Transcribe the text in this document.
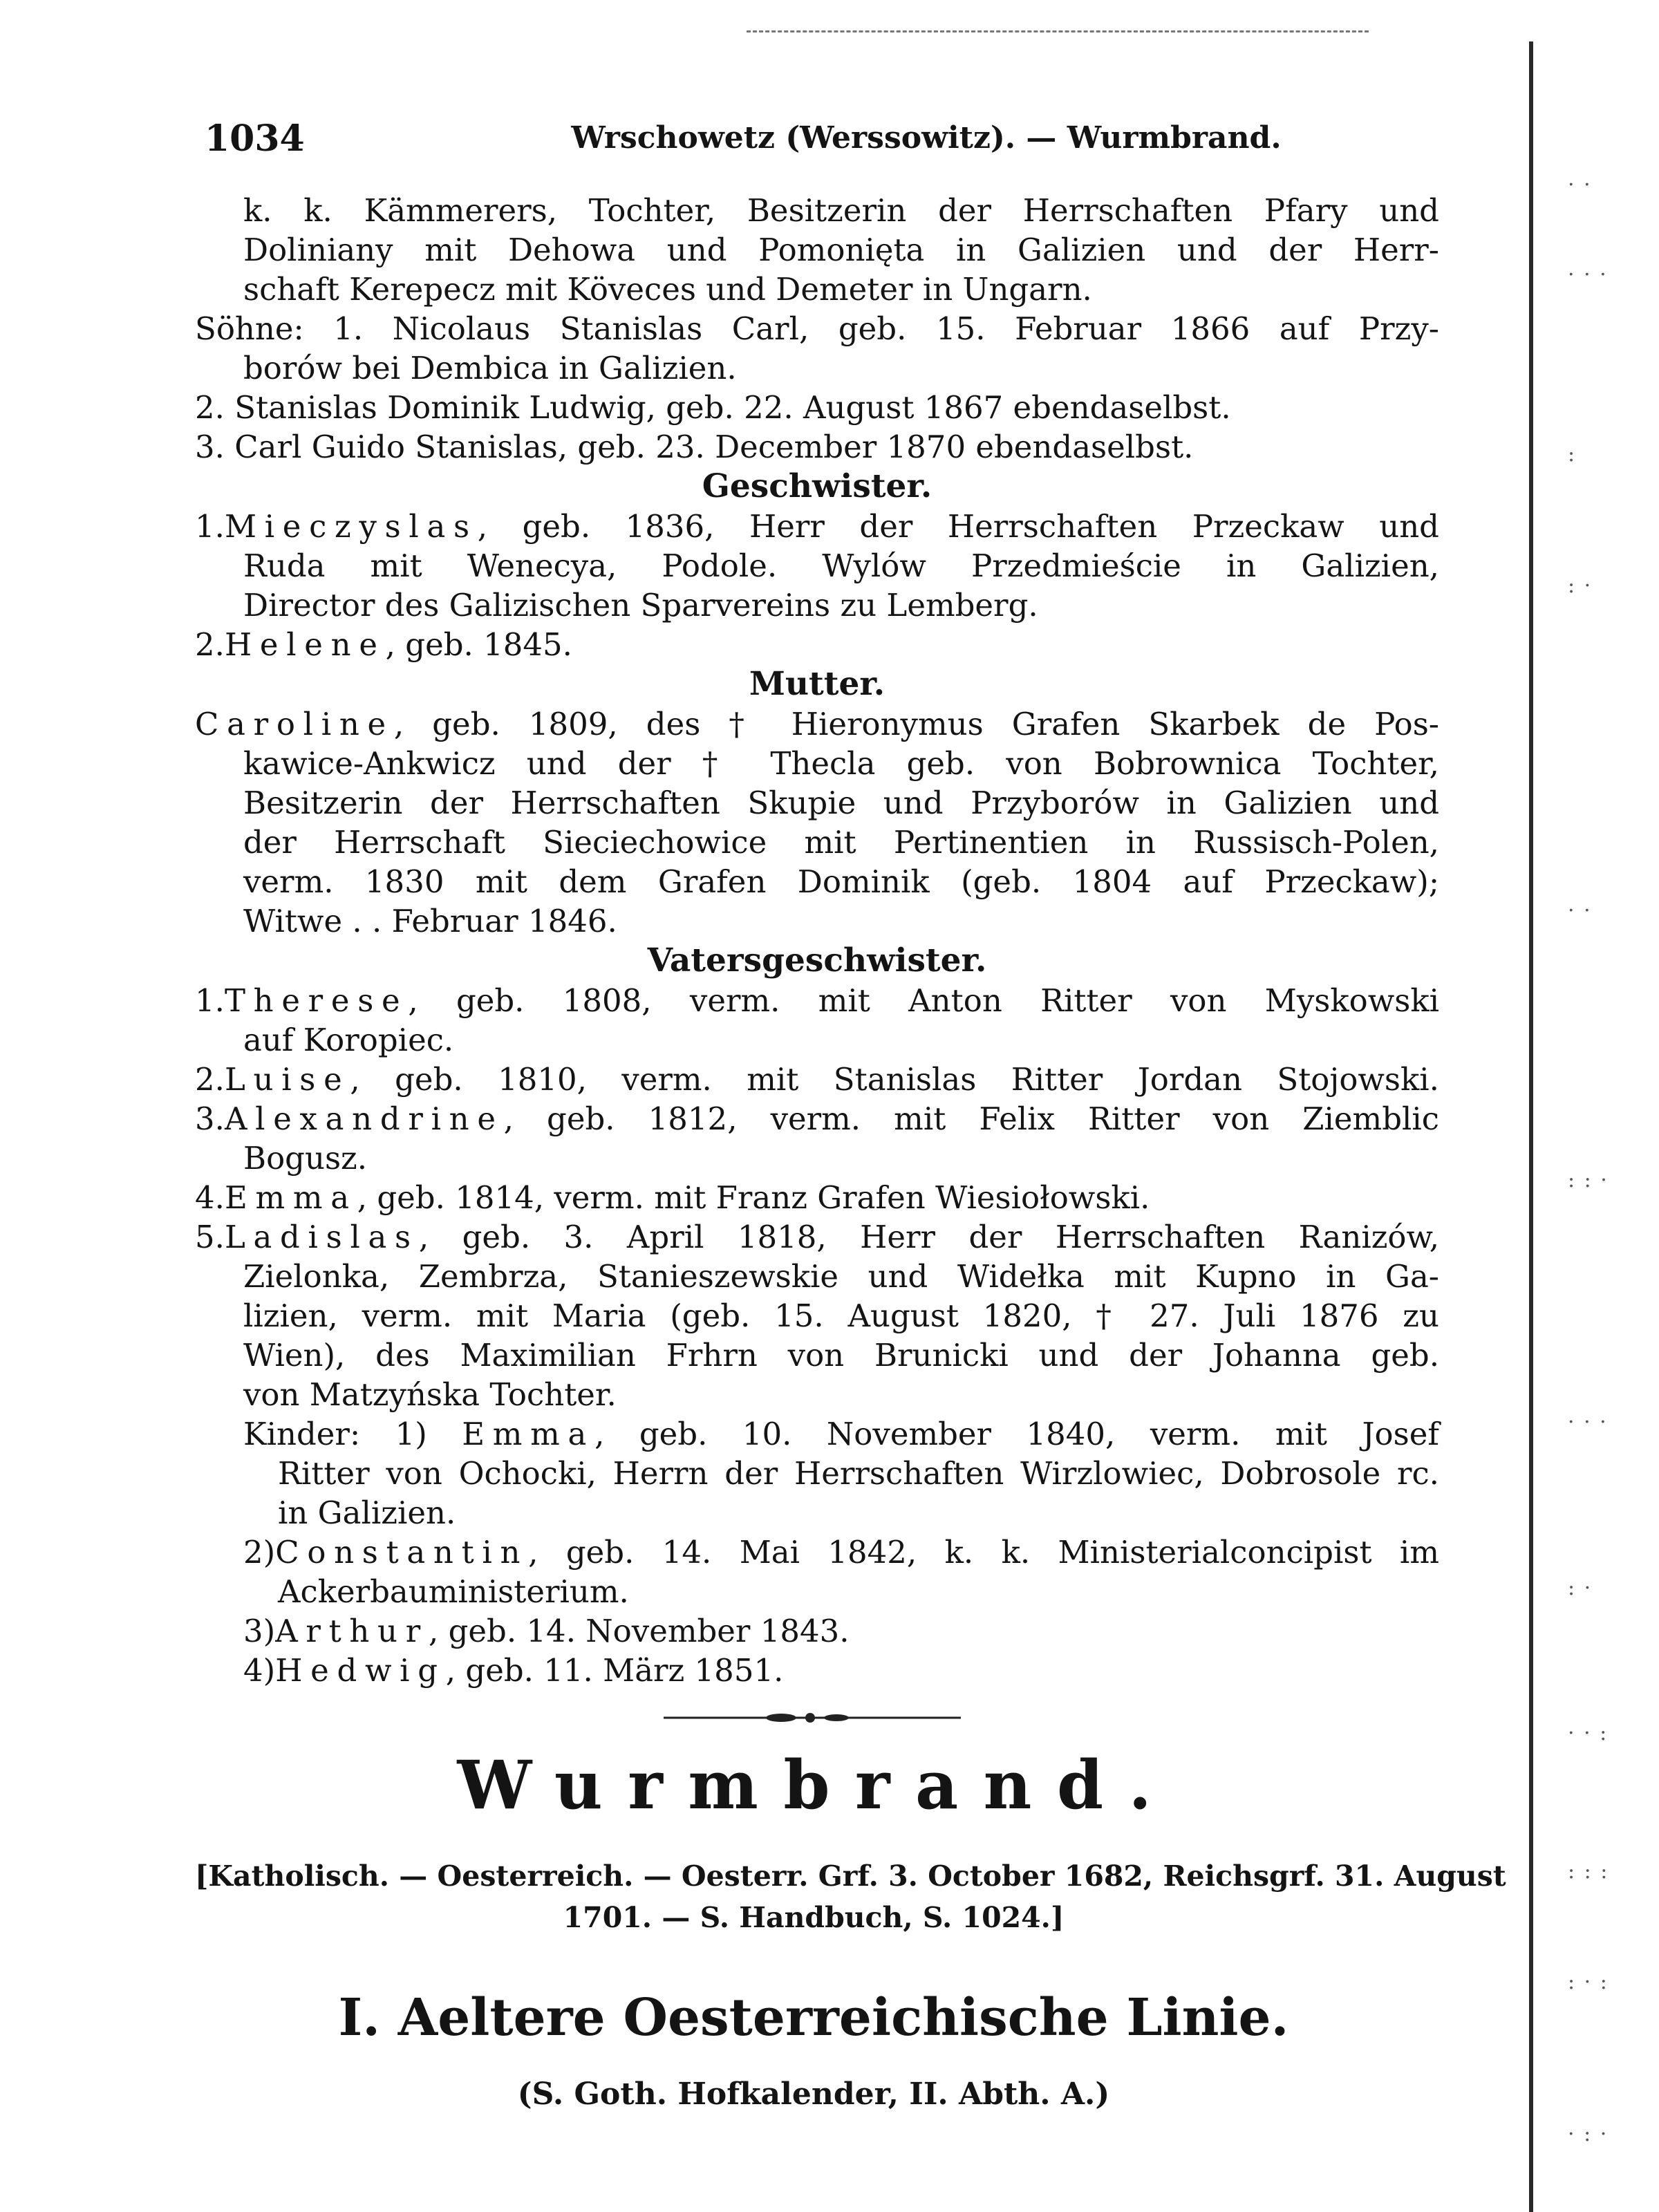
· ·
· · ·
:
: ·
· ·
: : ·
· · ·
: ·
· · :
: : :
: · :
· : ·
1034	Wrschowetz (Werssowitz). — Wurmbrand.

k. k. Kämmerers, Tochter, Besitzerin der Herrschaften Pfary und

Doliniany mit Dehowa und Pomonięta in Galizien und der Herr-

schaft Kerepecz mit Köveces und Demeter in Ungarn.

Söhne: 1. Nicolaus Stanislas Carl, geb. 15. Februar 1866 auf Przy-

borów bei Dembica in Galizien.

2. Stanislas Dominik Ludwig, geb. 22. August 1867 ebendaselbst.

3. Carl Guido Stanislas, geb. 23. December 1870 ebendaselbst.

Geschwister.

1.Mieczyslas, geb. 1836, Herr der Herrschaften Przeckaw und

Ruda mit Wenecya, Podole. Wylów Przedmieście in Galizien,

Director des Galizischen Sparvereins zu Lemberg.

2.Helene, geb. 1845.

Mutter.

Caroline, geb. 1809, des † Hieronymus Grafen Skarbek de Pos-

kawice-Ankwicz und der † Thecla geb. von Bobrownica Tochter,

Besitzerin der Herrschaften Skupie und Przyborów in Galizien und

der Herrschaft Sieciechowice mit Pertinentien in Russisch-Polen,

verm. 1830 mit dem Grafen Dominik (geb. 1804 auf Przeckaw);

Witwe . . Februar 1846.

Vatersgeschwister.

1.Therese, geb. 1808, verm. mit Anton Ritter von Myskowski

auf Koropiec.

2.Luise, geb. 1810, verm. mit Stanislas Ritter Jordan Stojowski.

3.Alexandrine, geb. 1812, verm. mit Felix Ritter von Ziemblic

Bogusz.

4.Emma, geb. 1814, verm. mit Franz Grafen Wiesiołowski.

5.Ladislas, geb. 3. April 1818, Herr der Herrschaften Ranizów,

Zielonka, Zembrza, Stanieszewskie und Widełka mit Kupno in Ga-

lizien, verm. mit Maria (geb. 15. August 1820, † 27. Juli 1876 zu

Wien), des Maximilian Frhrn von Brunicki und der Johanna geb.

von Matzyńska Tochter.

Kinder: 1) Emma, geb. 10. November 1840, verm. mit Josef

Ritter von Ochocki, Herrn der Herrschaften Wirzlowiec, Dobrosole rc.

in Galizien.

2)Constantin, geb. 14. Mai 1842, k. k. Ministerialconcipist im

Ackerbauministerium.

3)Arthur, geb. 14. November 1843.

4)Hedwig, geb. 11. März 1851.

Wurmbrand.

[Katholisch. — Oesterreich. — Oesterr. Grf. 3. October 1682, Reichsgrf. 31. August
1701. — S. Handbuch, S. 1024.]

I. Aeltere Oesterreichische Linie.

(S. Goth. Hofkalender, II. Abth. A.)
